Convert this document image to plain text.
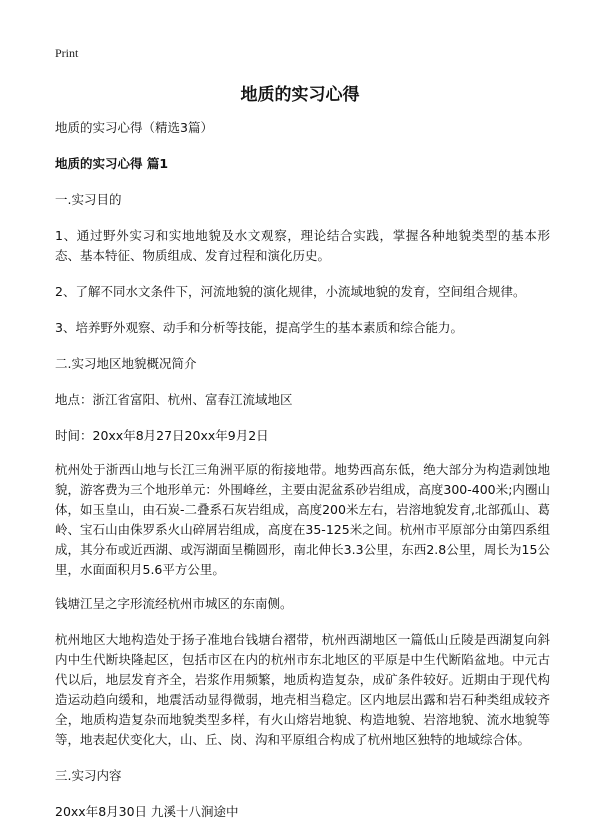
Print
地质的实习心得

地质的实习心得（精选3篇）

地质的实习心得 篇1

一.实习目的

1、通过野外实习和实地地貌及水文观察，理论结合实践，掌握各种地貌类型的基本形态、基本特征、物质组成、发育过程和演化历史。

2、了解不同水文条件下，河流地貌的演化规律，小流域地貌的发育，空间组合规律。

3、培养野外观察、动手和分析等技能，提高学生的基本素质和综合能力。

二.实习地区地貌概况简介

地点：浙江省富阳、杭州、富春江流域地区

时间：20xx年8月27日20xx年9月2日

杭州处于浙西山地与长江三角洲平原的衔接地带。地势西高东低，绝大部分为构造剥蚀地貌，游客费为三个地形单元：外围峰丝，主要由泥盆系砂岩组成，高度300-400米;内圈山体，如玉皇山，由石炭-二叠系石灰岩组成，高度200米左右，岩溶地貌发育,北部孤山、葛岭、宝石山由侏罗系火山碎屑岩组成，高度在35-125米之间。杭州市平原部分由第四系组成，其分布或近西湖、或泻湖面呈椭圆形，南北伸长3.3公里，东西2.8公里，周长为15公里，水面面积月5.6平方公里。

钱塘江呈之字形流经杭州市城区的东南侧。

杭州地区大地构造处于扬子准地台钱塘台褶带，杭州西湖地区一篇低山丘陵是西湖复向斜内中生代断块隆起区，包括市区在内的杭州市东北地区的平原是中生代断陷盆地。中元古代以后，地层发育齐全，岩浆作用频繁，地质构造复杂，成矿条件较好。近期由于现代构造运动趋向缓和，地震活动显得微弱，地壳相当稳定。区内地层出露和岩石种类组成较齐全，地质构造复杂而地貌类型多样，有火山熔岩地貌、构造地貌、岩溶地貌、流水地貌等等，地表起伏变化大，山、丘、岗、沟和平原组合构成了杭州地区独特的地域综合体。

三.实习内容

20xx年8月30日 九溪十八涧途中
